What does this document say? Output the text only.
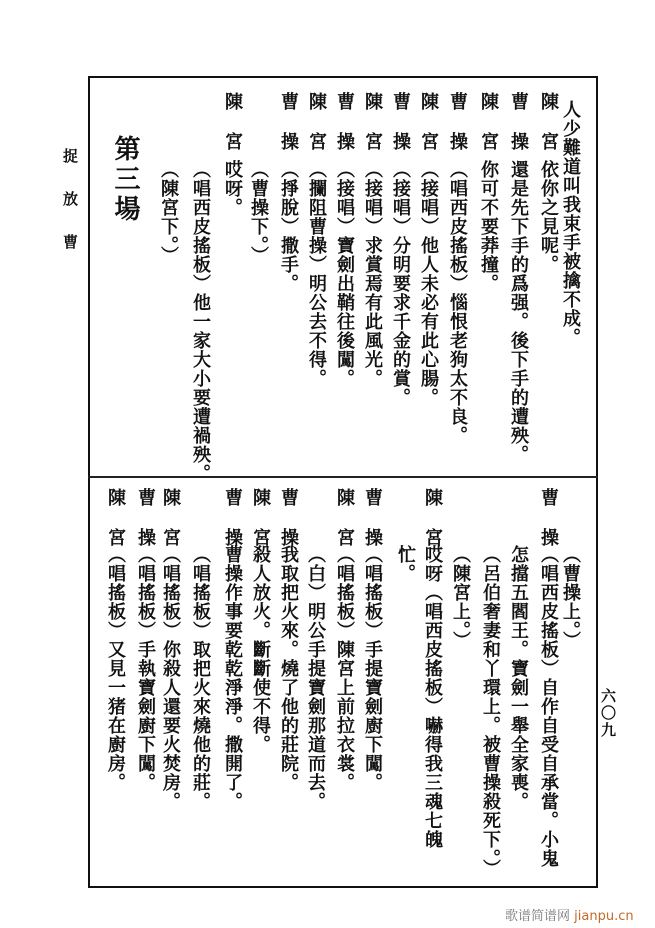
捉放曹
六〇九
歌谱简谱网 jianpu.cn
人少難道叫我束手被擒不成。
陳宮
依你之見呢。
曹操
還是先下手的爲强。後下手的遭殃。
陳宮
你可不要莽撞。
曹操
（唱西皮搖板）惱恨老狗太不良。
陳宮
（接唱）他人未必有此心腸。
曹操
（接唱）分明要求千金的賞。
陳宮
（接唱）求賞焉有此風光。
曹操
（接唱）寶劍出鞘往後闖。
陳宮
（攔阻曹操）明公去不得。
曹操
（掙脫）撒手。
（曹操下。）
陳宮
哎呀。
（唱西皮搖板）他一家大小要遭禍殃。
（陳宮下。）
第三場
（曹操上。）
曹操
（唱西皮搖板）自作自受自承當。小鬼
怎擋五閻王。寶劍一舉全家喪。
（呂伯奢妻和丫環上。被曹操殺死下。）
（陳宮上。）
陳宮
哎呀（唱西皮搖板）嚇得我三魂七魄
忙。
曹操
（唱搖板）手提寶劍廚下闖。
陳宮
（唱搖板）陳宮上前拉衣裳。
（白）明公手提寶劍那道而去。
曹操
我取把火來。燒了他的莊院。
陳宮
殺人放火。斷斷使不得。
曹操
曹操作事要乾乾淨淨。撒開了。
（唱搖板）取把火來燒他的莊。
陳宮
（唱搖板）你殺人還要火焚房。
曹操
（唱搖板）手執寶劍廚下闖。
陳宮
（唱搖板）又見一猪在廚房。
